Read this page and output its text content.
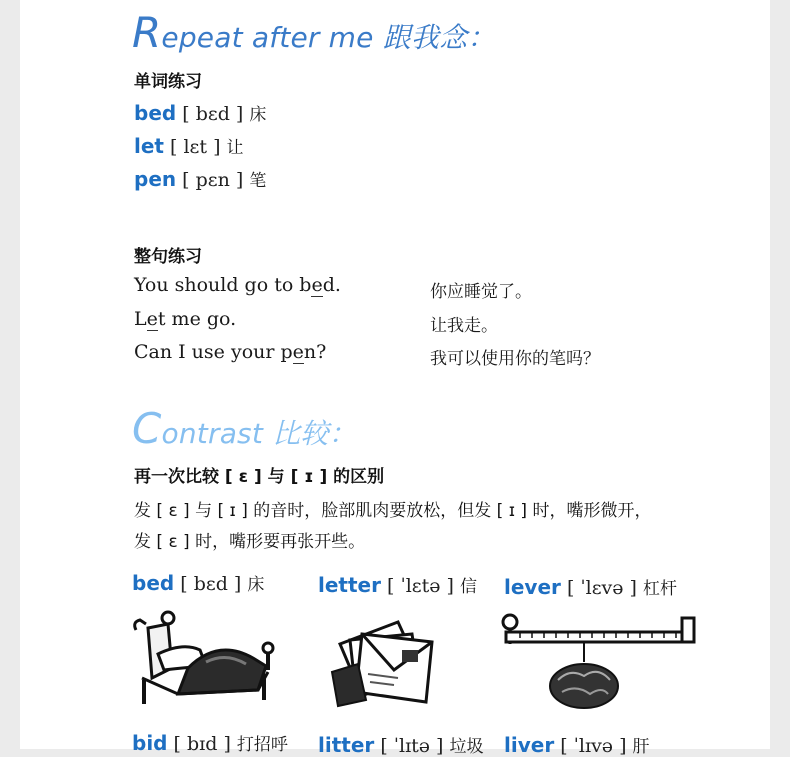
Repeat after me 跟我念：
单词练习
bed [ bɛd ] 床
let [ lɛt ] 让
pen [ pɛn ] 笔
整句练习
You should go to bed.	你应睡觉了。
Let me go.	让我走。
Can I use your pen?	我可以使用你的笔吗？
Contrast 比较：
再一次比较 [ ɛ ] 与 [ ɪ ] 的区别
发 [ ɛ ] 与 [ ɪ ] 的音时，脸部肌肉要放松，但发 [ ɪ ] 时，嘴形微开，
发 [ ɛ ] 时，嘴形要再张开些。
bed [ bɛd ] 床	letter [ ˈlɛtə ] 信 lever [ ˈlɛvə ] 杠杆
bid [ bɪd ] 打招呼 litter [ ˈlɪtə ] 垃圾 liver [ ˈlɪvə ] 肝
